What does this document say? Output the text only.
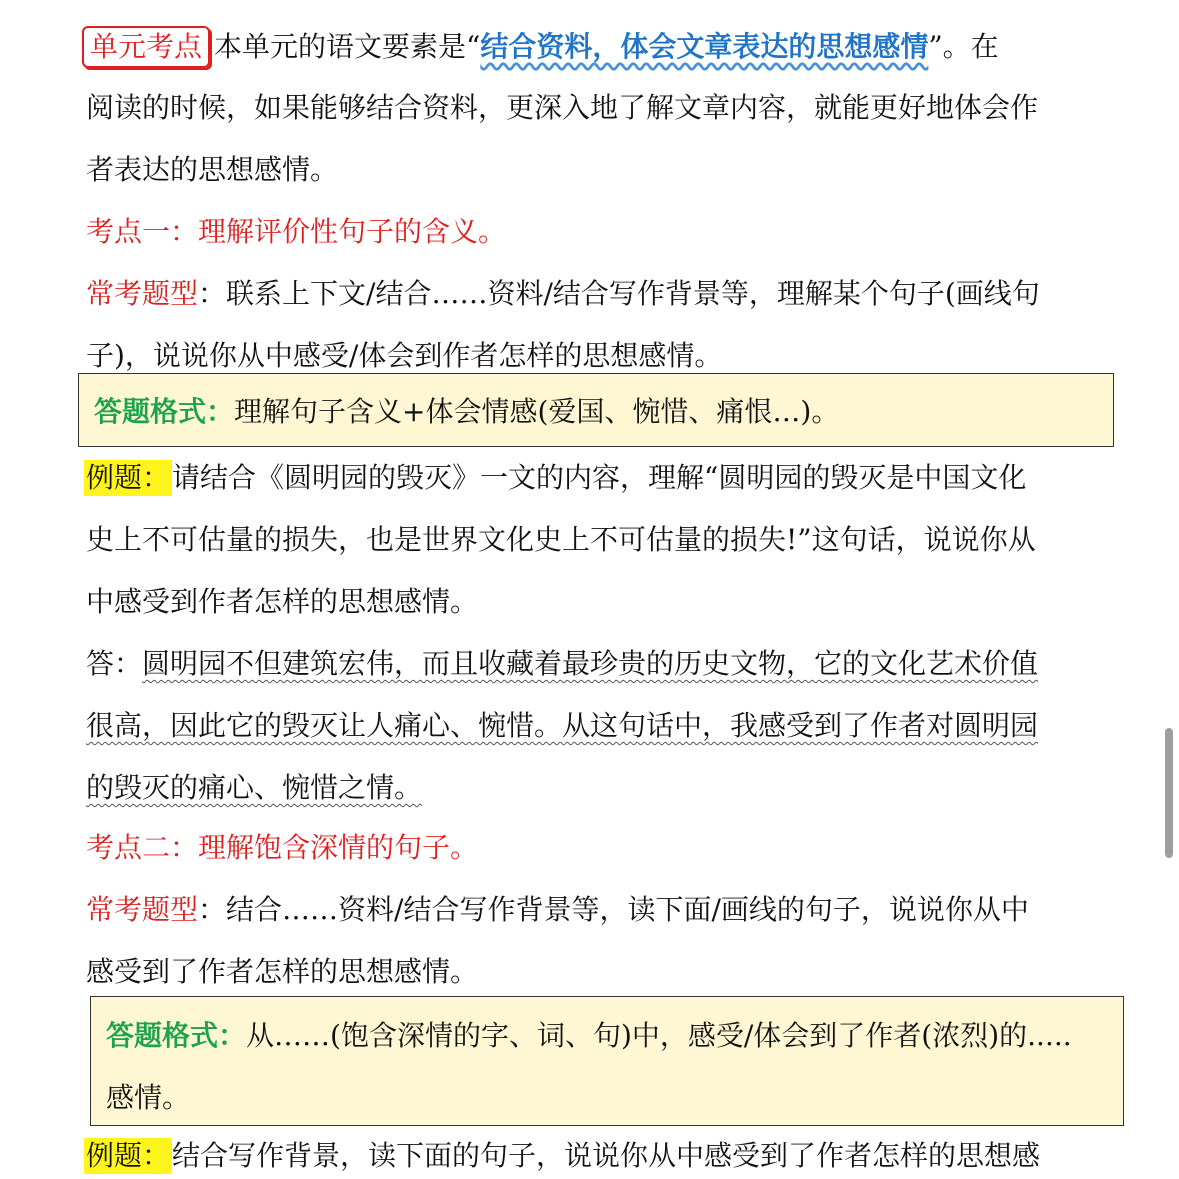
单元考点 本单元的语文要素是“结合资料，体会文章表达的思想感情”。在
阅读的时候，如果能够结合资料，更深入地了解文章内容，就能更好地体会作
者表达的思想感情。
考点一：理解评价性句子的含义。
常考题型：联系上下文/结合……资料/结合写作背景等，理解某个句子(画线句
子)，说说你从中感受/体会到作者怎样的思想感情。
答题格式：理解句子含义+体会情感(爱国、惋惜、痛恨…)。
例题：请结合《圆明园的毁灭》一文的内容，理解“圆明园的毁灭是中国文化
史上不可估量的损失，也是世界文化史上不可估量的损失!”这句话，说说你从
中感受到作者怎样的思想感情。
答：圆明园不但建筑宏伟，而且收藏着最珍贵的历史文物，它的文化艺术价值
很高，因此它的毁灭让人痛心、惋惜。从这句话中，我感受到了作者对圆明园
的毁灭的痛心、惋惜之情。
考点二：理解饱含深情的句子。
常考题型：结合……资料/结合写作背景等，读下面/画线的句子，说说你从中
感受到了作者怎样的思想感情。
答题格式：从……(饱含深情的字、词、句)中，感受/体会到了作者(浓烈)的.....
感情。
例题：结合写作背景，读下面的句子，说说你从中感受到了作者怎样的思想感
